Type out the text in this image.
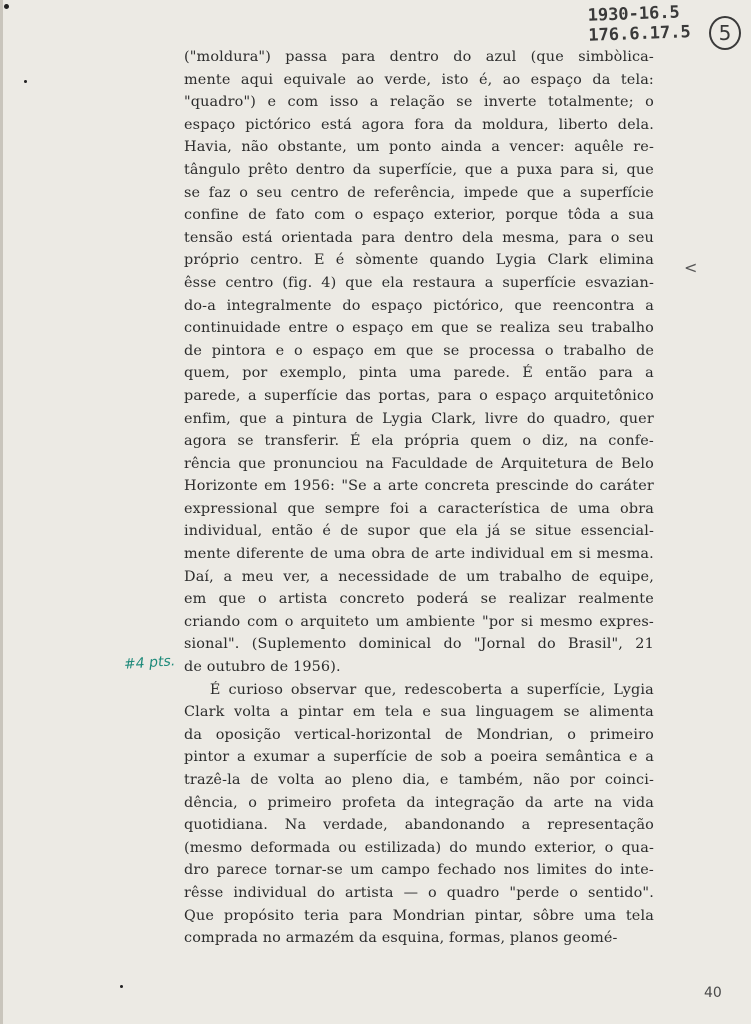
1930-16.5
176.6.17.5	5
<
#4 pts.
("moldura") passa para dentro do azul (que simbòlica-
mente aqui equivale ao verde, isto é, ao espaço da tela:
"quadro") e com isso a relação se inverte totalmente; o
espaço pictórico está agora fora da moldura, liberto dela.
Havia, não obstante, um ponto ainda a vencer: aquêle re-
tângulo prêto dentro da superfície, que a puxa para si, que
se faz o seu centro de referência, impede que a superfície
confine de fato com o espaço exterior, porque tôda a sua
tensão está orientada para dentro dela mesma, para o seu
próprio centro. E é sòmente quando Lygia Clark elimina
êsse centro (fig. 4) que ela restaura a superfície esvazian-
do-a integralmente do espaço pictórico, que reencontra a
continuidade entre o espaço em que se realiza seu trabalho
de pintora e o espaço em que se processa o trabalho de
quem, por exemplo, pinta uma parede. É então para a
parede, a superfície das portas, para o espaço arquitetônico
enfim, que a pintura de Lygia Clark, livre do quadro, quer
agora se transferir. É ela própria quem o diz, na confe-
rência que pronunciou na Faculdade de Arquitetura de Belo
Horizonte em 1956: "Se a arte concreta prescinde do caráter
expressional que sempre foi a característica de uma obra
individual, então é de supor que ela já se situe essencial-
mente diferente de uma obra de arte individual em si mesma.
Daí, a meu ver, a necessidade de um trabalho de equipe,
em que o artista concreto poderá se realizar realmente
criando com o arquiteto um ambiente "por si mesmo expres-
sional". (Suplemento dominical do "Jornal do Brasil", 21
de outubro de 1956).
É curioso observar que, redescoberta a superfície, Lygia
Clark volta a pintar em tela e sua linguagem se alimenta
da oposição vertical-horizontal de Mondrian, o primeiro
pintor a exumar a superfície de sob a poeira semântica e a
trazê-la de volta ao pleno dia, e também, não por coinci-
dência, o primeiro profeta da integração da arte na vida
quotidiana. Na verdade, abandonando a representação
(mesmo deformada ou estilizada) do mundo exterior, o qua-
dro parece tornar-se um campo fechado nos limites do inte-
rêsse individual do artista — o quadro "perde o sentido".
Que propósito teria para Mondrian pintar, sôbre uma tela
comprada no armazém da esquina, formas, planos geomé-
40
